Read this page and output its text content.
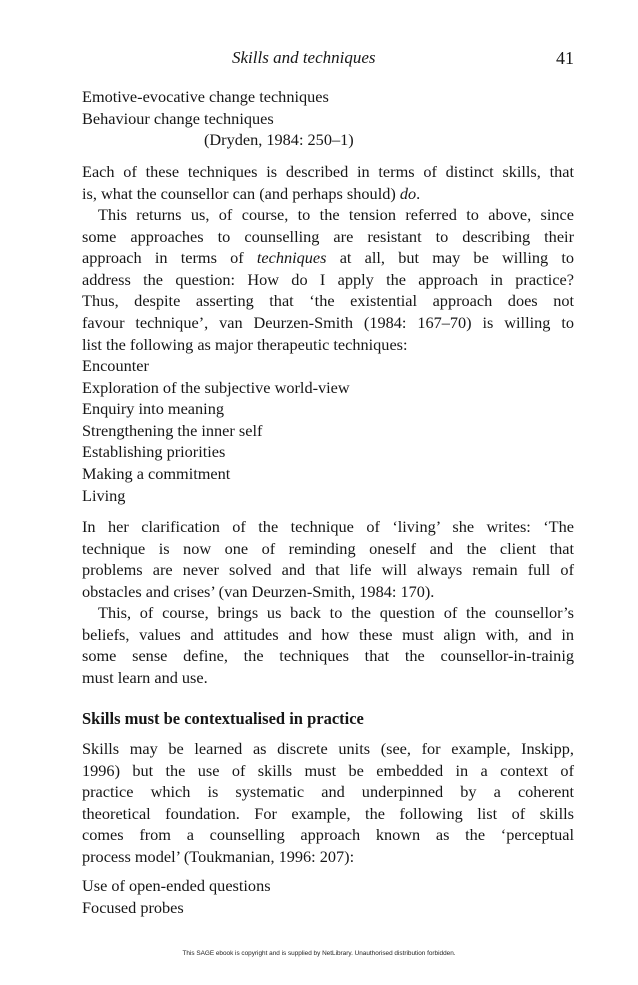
Skills and techniques	41
Emotive-evocative change techniques
Behaviour change techniques
(Dryden, 1984: 250–1)
Each of these techniques is described in terms of distinct skills, that
is, what the counsellor can (and perhaps should) do.
This returns us, of course, to the tension referred to above, since
some approaches to counselling are resistant to describing their
approach in terms of techniques at all, but may be willing to
address the question: How do I apply the approach in practice?
Thus, despite asserting that ‘the existential approach does not
favour technique’, van Deurzen-Smith (1984: 167–70) is willing to
list the following as major therapeutic techniques:
Encounter
Exploration of the subjective world-view
Enquiry into meaning
Strengthening the inner self
Establishing priorities
Making a commitment
Living
In her clarification of the technique of ‘living’ she writes: ‘The
technique is now one of reminding oneself and the client that
problems are never solved and that life will always remain full of
obstacles and crises’ (van Deurzen-Smith, 1984: 170).
This, of course, brings us back to the question of the counsellor’s
beliefs, values and attitudes and how these must align with, and in
some sense define, the techniques that the counsellor-in-trainig
must learn and use.
Skills must be contextualised in practice
Skills may be learned as discrete units (see, for example, Inskipp,
1996) but the use of skills must be embedded in a context of
practice which is systematic and underpinned by a coherent
theoretical foundation. For example, the following list of skills
comes from a counselling approach known as the ‘perceptual
process model’ (Toukmanian, 1996: 207):
Use of open-ended questions
Focused probes
This SAGE ebook is copyright and is supplied by NetLibrary. Unauthorised distribution forbidden.
